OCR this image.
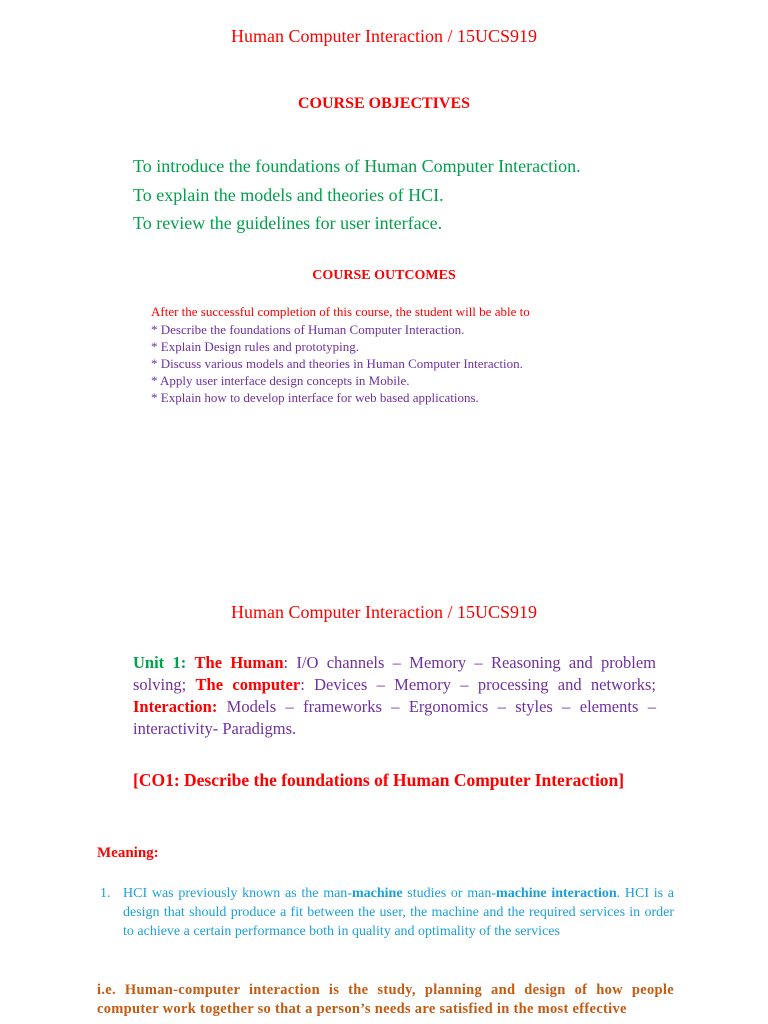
Human Computer Interaction / 15UCS919
COURSE OBJECTIVES
To introduce the foundations of Human Computer Interaction.
To explain the models and theories of HCI.
To review the guidelines for user interface.
COURSE OUTCOMES
After the successful completion of this course, the student will be able to
* Describe the foundations of Human Computer Interaction.
* Explain Design rules and prototyping.
* Discuss various models and theories in Human Computer Interaction.
* Apply user interface design concepts in Mobile.
* Explain how to develop interface for web based applications.
Human Computer Interaction / 15UCS919
Unit 1: The Human: I/O channels – Memory – Reasoning and problem solving; The computer: Devices – Memory – processing and networks; Interaction: Models – frameworks – Ergonomics – styles – elements – interactivity- Paradigms.
[CO1: Describe the foundations of Human Computer Interaction]
Meaning:
1. HCI was previously known as the man-machine studies or man-machine interaction. HCI is a design that should produce a fit between the user, the machine and the required services in order to achieve a certain performance both in quality and optimality of the services
i.e. Human-computer interaction is the study, planning and design of how people computer work together so that a person’s needs are satisfied in the most effective
